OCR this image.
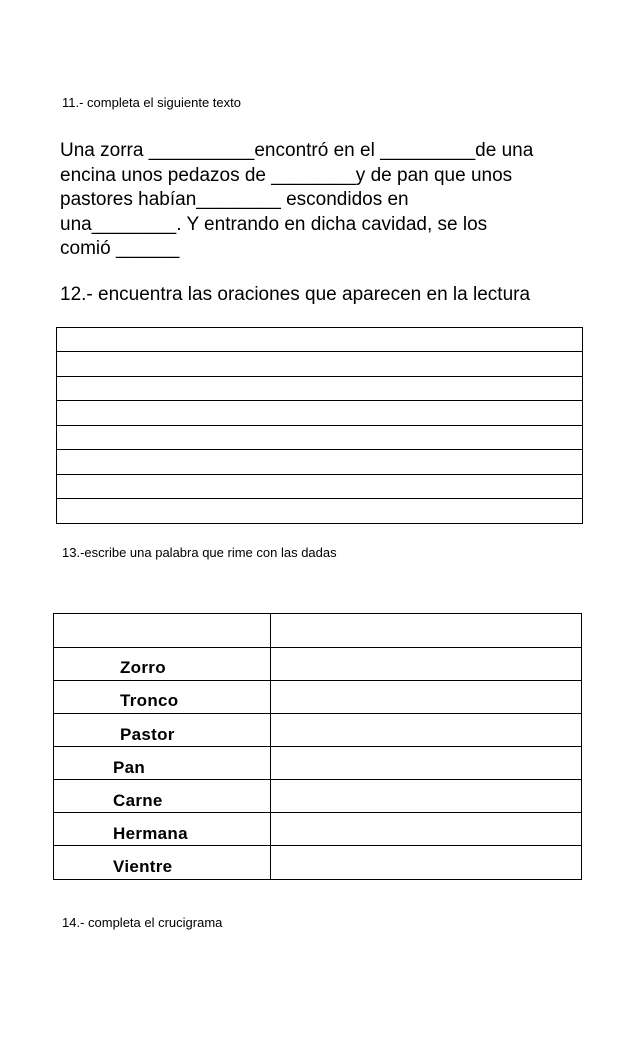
11.- completa el siguiente texto
Una zorra __________encontró en el _________de una
encina unos pedazos de ________y de pan que unos
pastores habían________ escondidos en
una________. Y entrando en dicha cavidad, se los
comió ______
12.- encuentra las oraciones que aparecen en la lectura
13.-escribe una palabra que rime con las dadas
Zorro
Tronco
Pastor
Pan
Carne
Hermana
Vientre
14.- completa el crucigrama
